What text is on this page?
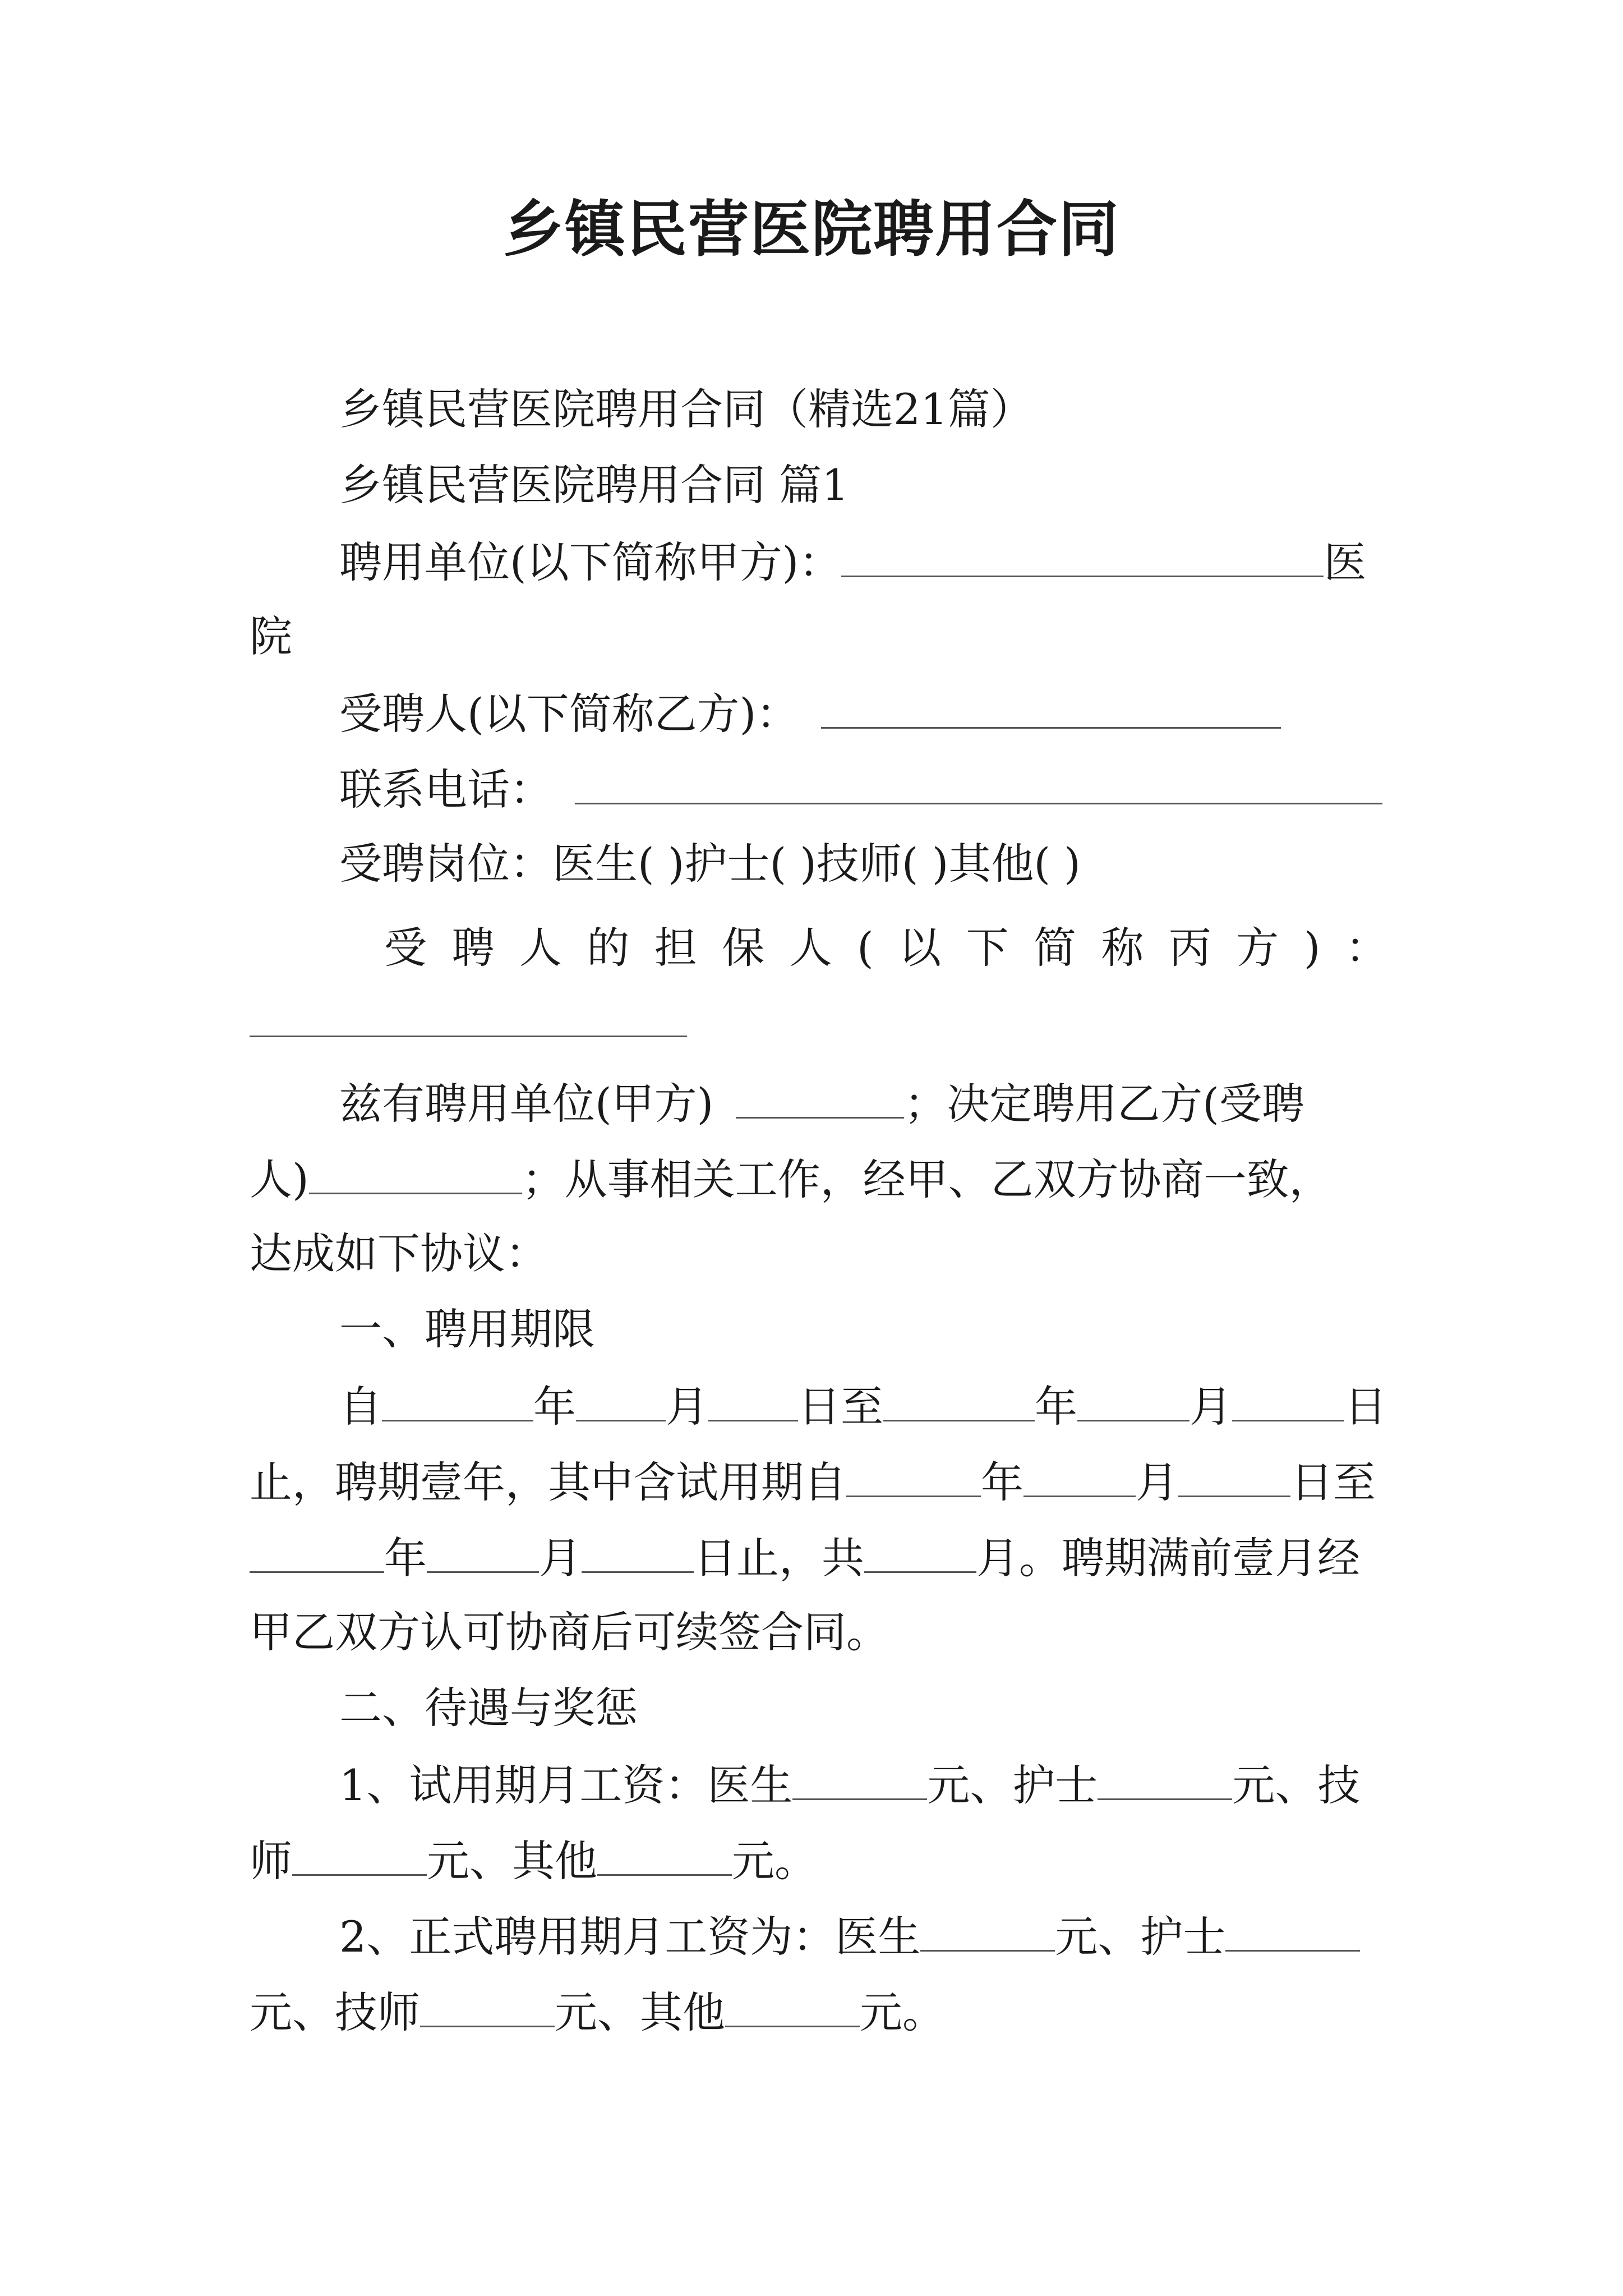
乡镇民营医院聘用合同
乡镇民营医院聘用合同（精选21篇）
乡镇民营医院聘用合同 篇1
聘用单位(以下简称甲方)：	医
院
受聘人(以下简称乙方)：
联系电话：
受聘岗位：医生( )护士( )技师( )其他( )
受 聘 人 的 担 保 人 ( 以 下 简 称 丙 方 ) ：
兹有聘用单位(甲方)	；决定聘用乙方(受聘
人)	；从事相关工作，经甲、乙双方协商一致，
达成如下协议：
一、聘用期限
自	年 月 日至	年	月	日
止，聘期壹年，其中含试用期自	年	月	日至
年	月	日止，共	月。聘期满前壹月经
甲乙双方认可协商后可续签合同。
二、待遇与奖惩
1、试用期月工资：医生	元、护士	元、技
师	元、其他	元。
2、正式聘用期月工资为：医生	元、护士
元、技师	元、其他	元。
